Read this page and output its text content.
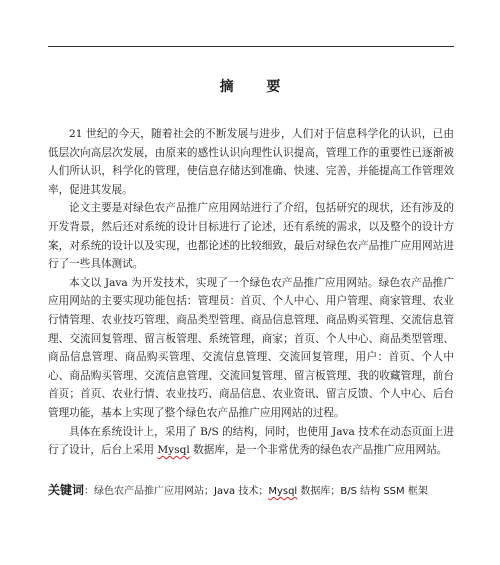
摘 要

21 世纪的今天，随着社会的不断发展与进步，人们对于信息科学化的认识，已由低层次向高层次发展，由原来的感性认识向理性认识提高，管理工作的重要性已逐渐被人们所认识，科学化的管理，使信息存储达到准确、快速、完善，并能提高工作管理效率，促进其发展。

论文主要是对绿色农产品推广应用网站进行了介绍，包括研究的现状，还有涉及的开发背景，然后还对系统的设计目标进行了论述，还有系统的需求，以及整个的设计方案，对系统的设计以及实现，也都论述的比较细致，最后对绿色农产品推广应用网站进行了一些具体测试。

本文以 Java 为开发技术，实现了一个绿色农产品推广应用网站。绿色农产品推广应用网站的主要实现功能包括：管理员：首页、个人中心、用户管理、商家管理、农业行情管理、农业技巧管理、商品类型管理、商品信息管理、商品购买管理、交流信息管理、交流回复管理、留言板管理、系统管理，商家；首页、个人中心、商品类型管理、商品信息管理、商品购买管理、交流信息管理、交流回复管理，用户：首页、个人中心、商品购买管理、交流信息管理、交流回复管理、留言板管理、我的收藏管理，前台首页；首页、农业行情、农业技巧、商品信息、农业资讯、留言反馈、个人中心、后台管理功能，基本上实现了整个绿色农产品推广应用网站的过程。

具体在系统设计上，采用了 B/S 的结构，同时，也使用 Java 技术在动态页面上进行了设计，后台上采用 Mysql 数据库，是一个非常优秀的绿色农产品推广应用网站。

关键词：绿色农产品推广应用网站；Java 技术；Mysql 数据库；B/S 结构 SSM 框架
